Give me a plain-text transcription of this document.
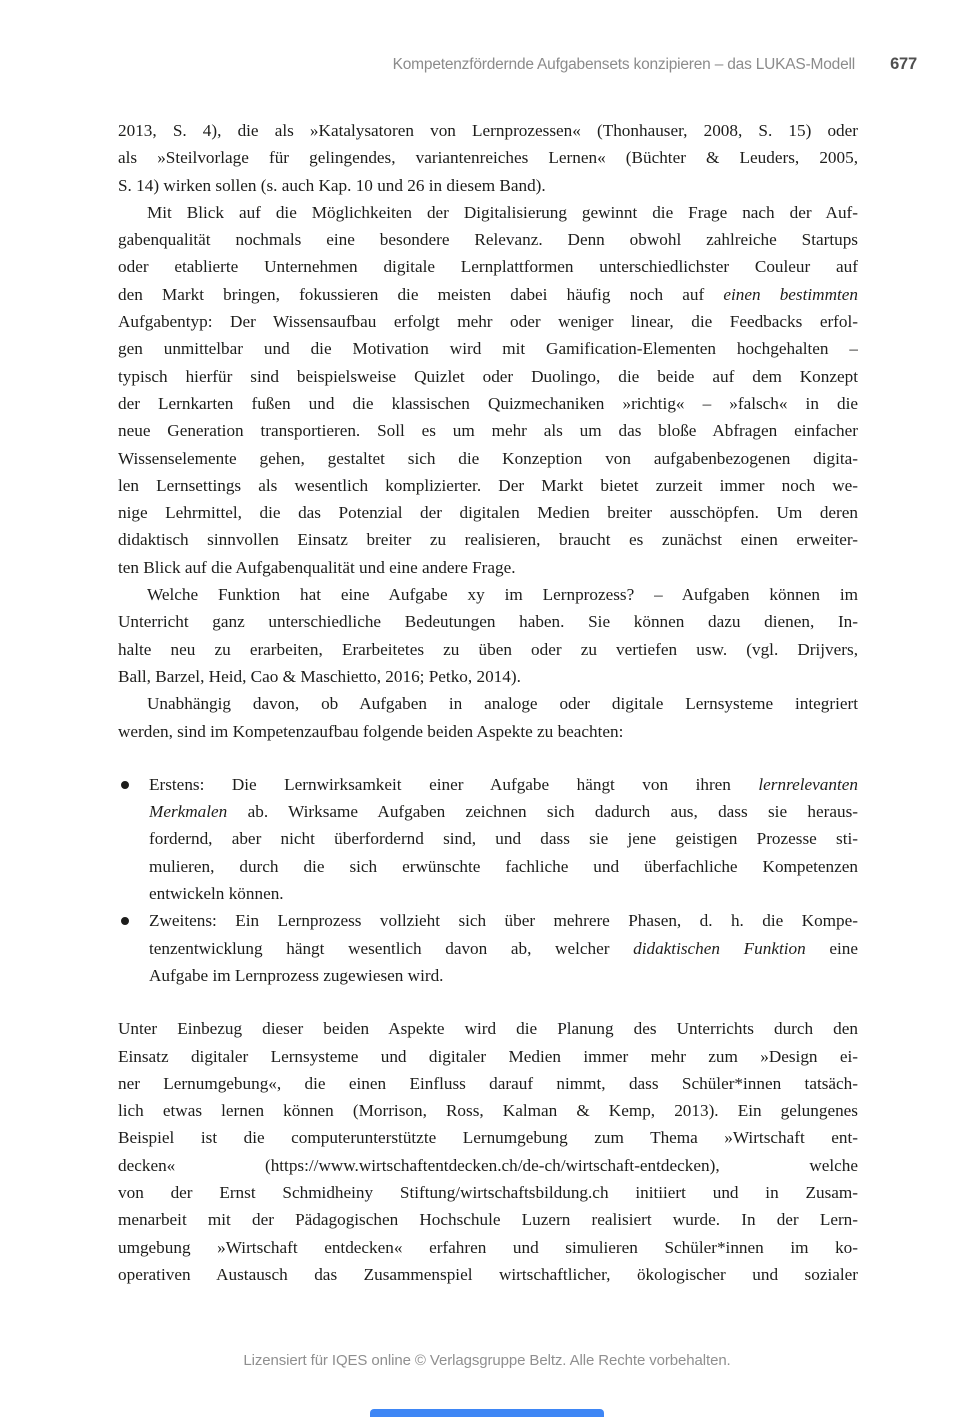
Kompetenzfördernde Aufgabensets konzipieren – das LUKAS-Modell 677
2013, S. 4), die als »Katalysatoren von Lernprozessen« (Thonhauser, 2008, S. 15) oder
als »Steilvorlage für gelingendes, variantenreiches Lernen« (Büchter & Leuders, 2005,
S. 14) wirken sollen (s. auch Kap. 10 und 26 in diesem Band).
Mit Blick auf die Möglichkeiten der Digitalisierung gewinnt die Frage nach der Auf-
gabenqualität nochmals eine besondere Relevanz. Denn obwohl zahlreiche Startups
oder etablierte Unternehmen digitale Lernplattformen unterschiedlichster Couleur auf
den Markt bringen, fokussieren die meisten dabei häufig noch auf einen bestimmten
Aufgabentyp: Der Wissensaufbau erfolgt mehr oder weniger linear, die Feedbacks erfol-
gen unmittelbar und die Motivation wird mit Gamification-Elementen hochgehalten –
typisch hierfür sind beispielsweise Quizlet oder Duolingo, die beide auf dem Konzept
der Lernkarten fußen und die klassischen Quizmechaniken »richtig« – »falsch« in die
neue Generation transportieren. Soll es um mehr als um das bloße Abfragen einfacher
Wissenselemente gehen, gestaltet sich die Konzeption von aufgabenbezogenen digita-
len Lernsettings als wesentlich komplizierter. Der Markt bietet zurzeit immer noch we-
nige Lehrmittel, die das Potenzial der digitalen Medien breiter ausschöpfen. Um deren
didaktisch sinnvollen Einsatz breiter zu realisieren, braucht es zunächst einen erweiter-
ten Blick auf die Aufgabenqualität und eine andere Frage.
Welche Funktion hat eine Aufgabe xy im Lernprozess? – Aufgaben können im
Unterricht ganz unterschiedliche Bedeutungen haben. Sie können dazu dienen, In-
halte neu zu erarbeiten, Erarbeitetes zu üben oder zu vertiefen usw. (vgl. Drijvers,
Ball, Barzel, Heid, Cao & Maschietto, 2016; Petko, 2014).
Unabhängig davon, ob Aufgaben in analoge oder digitale Lernsysteme integriert
werden, sind im Kompetenzaufbau folgende beiden Aspekte zu beachten:
Erstens: Die Lernwirksamkeit einer Aufgabe hängt von ihren lernrelevanten
Merkmalen ab. Wirksame Aufgaben zeichnen sich dadurch aus, dass sie heraus-
fordernd, aber nicht überfordernd sind, und dass sie jene geistigen Prozesse sti-
mulieren, durch die sich erwünschte fachliche und überfachliche Kompetenzen
entwickeln können.
Zweitens: Ein Lernprozess vollzieht sich über mehrere Phasen, d. h. die Kompe-
tenzentwicklung hängt wesentlich davon ab, welcher didaktischen Funktion eine
Aufgabe im Lernprozess zugewiesen wird.
Unter Einbezug dieser beiden Aspekte wird die Planung des Unterrichts durch den
Einsatz digitaler Lernsysteme und digitaler Medien immer mehr zum »Design ei-
ner Lernumgebung«, die einen Einfluss darauf nimmt, dass Schüler*innen tatsäch-
lich etwas lernen können (Morrison, Ross, Kalman & Kemp, 2013). Ein gelungenes
Beispiel ist die computerunterstützte Lernumgebung zum Thema »Wirtschaft ent-
decken« (https://www.wirtschaftentdecken.ch/de-ch/wirtschaft-entdecken), welche
von der Ernst Schmidheiny Stiftung/wirtschaftsbildung.ch initiiert und in Zusam-
menarbeit mit der Pädagogischen Hochschule Luzern realisiert wurde. In der Lern-
umgebung »Wirtschaft entdecken« erfahren und simulieren Schüler*innen im ko-
operativen Austausch das Zusammenspiel wirtschaftlicher, ökologischer und sozialer
Lizensiert für IQES online © Verlagsgruppe Beltz. Alle Rechte vorbehalten.
